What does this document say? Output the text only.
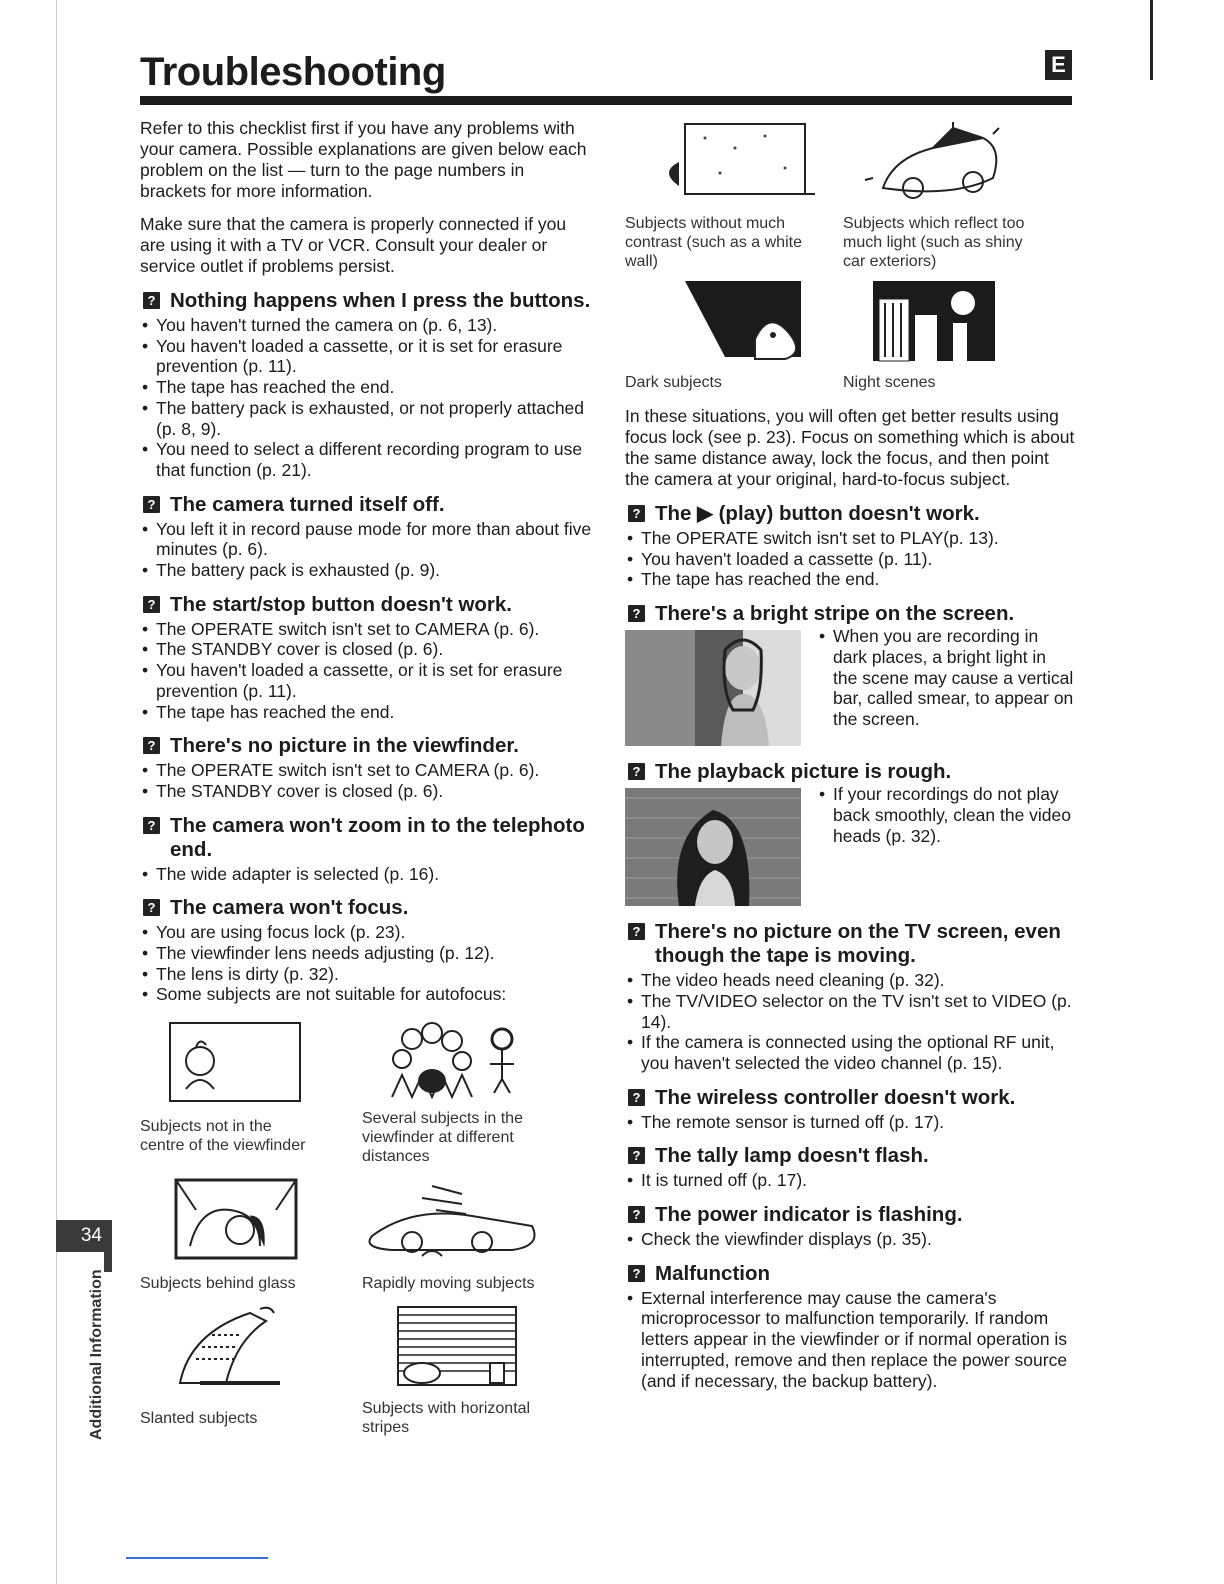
Troubleshooting	E

Refer to this checklist first if you have any problems with your camera. Possible explanations are given below each problem on the list — turn to the page numbers in brackets for more information.

Make sure that the camera is properly connected if you are using it with a TV or VCR. Consult your dealer or service outlet if problems persist.

? Nothing happens when I press the buttons.
• You haven't turned the camera on (p. 6, 13).
• You haven't loaded a cassette, or it is set for erasure prevention (p. 11).
• The tape has reached the end.
• The battery pack is exhausted, or not properly attached (p. 8, 9).
• You need to select a different recording program to use that function (p. 21).
? The camera turned itself off.
• You left it in record pause mode for more than about five minutes (p. 6).
• The battery pack is exhausted (p. 9).
? The start/stop button doesn't work.
• The OPERATE switch isn't set to CAMERA (p. 6).
• The STANDBY cover is closed (p. 6).
• You haven't loaded a cassette, or it is set for erasure prevention (p. 11).
• The tape has reached the end.
? There's no picture in the viewfinder.
• The OPERATE switch isn't set to CAMERA (p. 6).
• The STANDBY cover is closed (p. 6).
? The camera won't zoom in to the telephoto end.
• The wide adapter is selected (p. 16).
? The camera won't focus.
• You are using focus lock (p. 23).
• The viewfinder lens needs adjusting (p. 12).
• The lens is dirty (p. 32).
• Some subjects are not suitable for autofocus:
Subjects not in the centre of the viewfinder
Several subjects in the viewfinder at different distances
Subjects behind glass	Rapidly moving subjects
Slanted subjects
Subjects with horizontal stripes
Subjects without much contrast (such as a white wall)
Subjects which reflect too much light (such as shiny car exteriors)
Dark subjects	Night scenes

In these situations, you will often get better results using focus lock (see p. 23). Focus on something which is about the same distance away, lock the focus, and then point the camera at your original, hard-to-focus subject.

? The ▶ (play) button doesn't work.
• The OPERATE switch isn't set to PLAY(p. 13).
• You haven't loaded a cassette (p. 11).
• The tape has reached the end.
? There's a bright stripe on the screen.
• When you are recording in dark places, a bright light in the scene may cause a vertical bar, called smear, to appear on the screen.
? The playback picture is rough.
• If your recordings do not play back smoothly, clean the video heads (p. 32).
? There's no picture on the TV screen, even though the tape is moving.
• The video heads need cleaning (p. 32).
• The TV/VIDEO selector on the TV isn't set to VIDEO (p. 14).
• If the camera is connected using the optional RF unit, you haven't selected the video channel (p. 15).
? The wireless controller doesn't work.
• The remote sensor is turned off (p. 17).
? The tally lamp doesn't flash.
• It is turned off (p. 17).
? The power indicator is flashing.
• Check the viewfinder displays (p. 35).
? Malfunction
• External interference may cause the camera's microprocessor to malfunction temporarily. If random letters appear in the viewfinder or if normal operation is interrupted, remove and then replace the power source (and if necessary, the backup battery).
34
Additional Information
